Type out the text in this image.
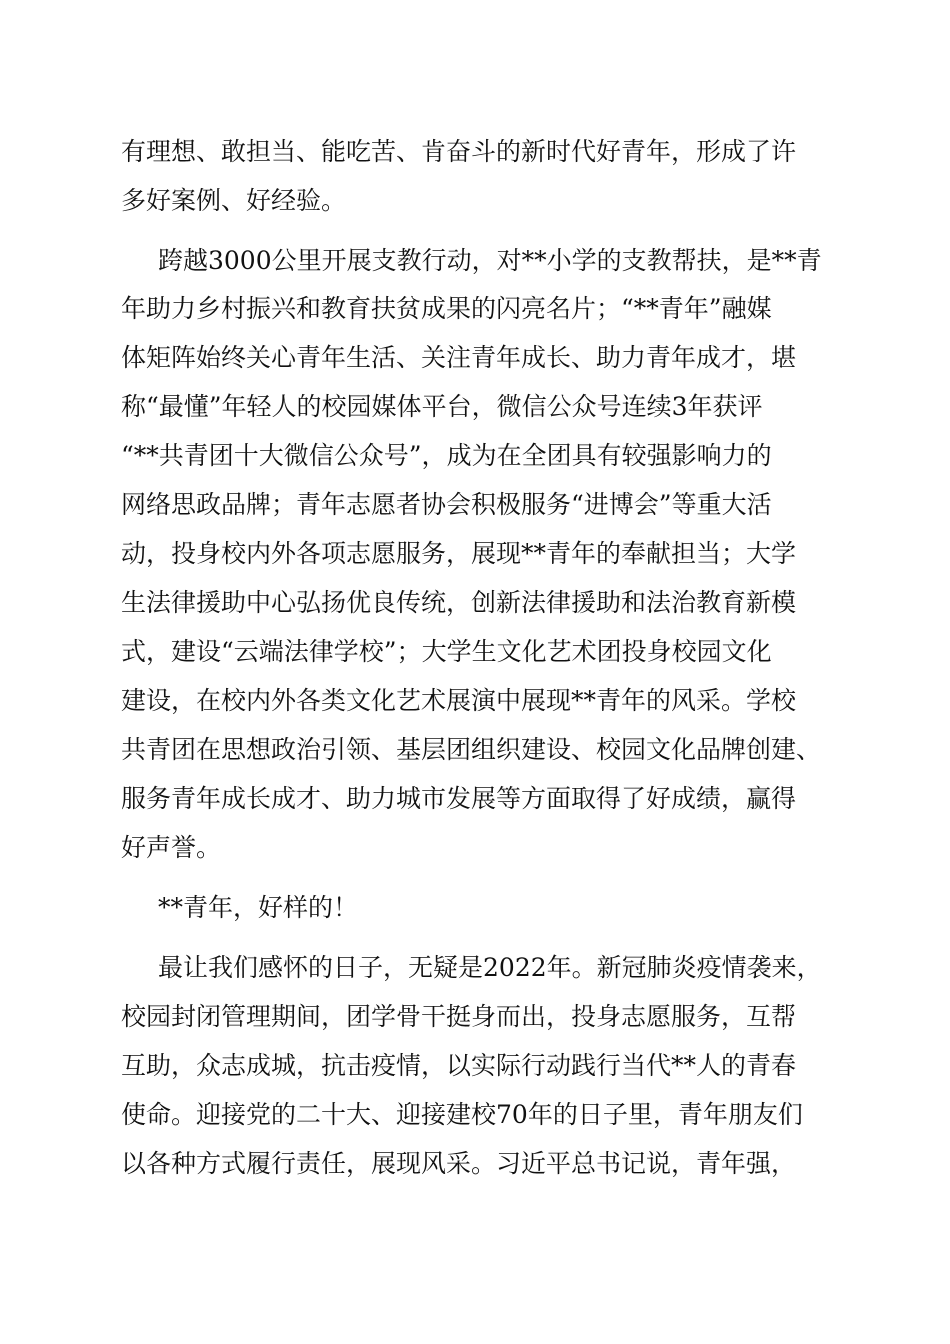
有理想、敢担当、能吃苦、肯奋斗的新时代好青年，形成了许
多好案例、好经验。
跨越3000公里开展支教行动，对**小学的支教帮扶，是**青
年助力乡村振兴和教育扶贫成果的闪亮名片；“**青年”融媒
体矩阵始终关心青年生活、关注青年成长、助力青年成才，堪
称“最懂”年轻人的校园媒体平台，微信公众号连续3年获评
“**共青团十大微信公众号”，成为在全团具有较强影响力的
网络思政品牌；青年志愿者协会积极服务“进博会”等重大活
动，投身校内外各项志愿服务，展现**青年的奉献担当；大学
生法律援助中心弘扬优良传统，创新法律援助和法治教育新模
式，建设“云端法律学校”；大学生文化艺术团投身校园文化
建设，在校内外各类文化艺术展演中展现**青年的风采。学校
共青团在思想政治引领、基层团组织建设、校园文化品牌创建、
服务青年成长成才、助力城市发展等方面取得了好成绩，赢得
好声誉。
**青年，好样的！
最让我们感怀的日子，无疑是2022年。新冠肺炎疫情袭来，
校园封闭管理期间，团学骨干挺身而出，投身志愿服务，互帮
互助，众志成城，抗击疫情，以实际行动践行当代**人的青春
使命。迎接党的二十大、迎接建校70年的日子里，青年朋友们
以各种方式履行责任，展现风采。习近平总书记说，青年强，
